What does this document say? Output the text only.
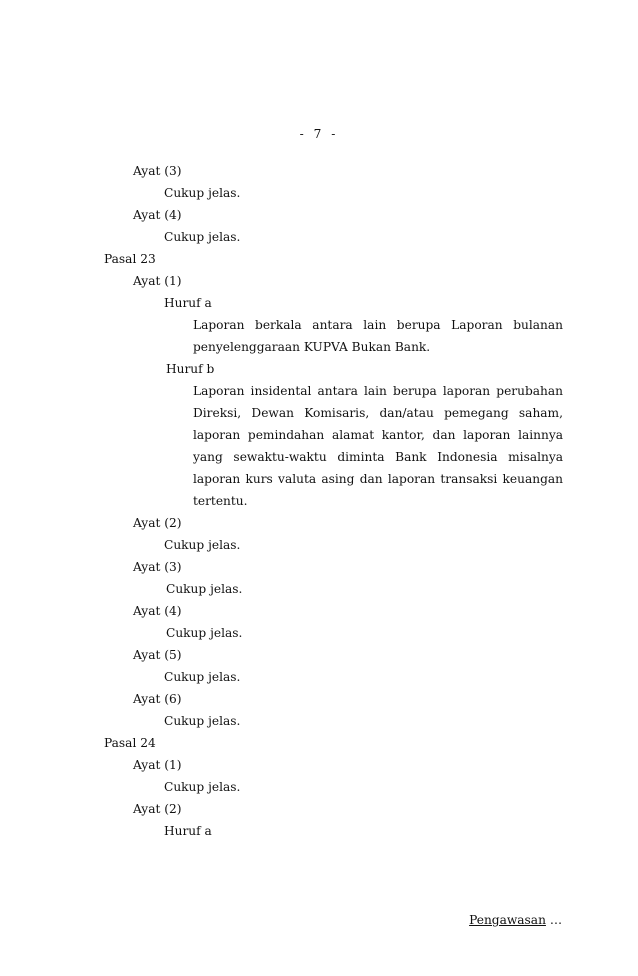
- 7 -
Ayat (3)
Cukup jelas.
Ayat (4)
Cukup jelas.
Pasal 23
Ayat (1)
Huruf a
Laporan berkala antara lain berupa Laporan bulanan
penyelenggaraan KUPVA Bukan Bank.
Huruf b
Laporan insidental antara lain berupa laporan perubahan
Direksi, Dewan Komisaris, dan/atau pemegang saham,
laporan pemindahan alamat kantor, dan laporan lainnya
yang sewaktu-waktu diminta Bank Indonesia misalnya
laporan kurs valuta asing dan laporan transaksi keuangan
tertentu.
Ayat (2)
Cukup jelas.
Ayat (3)
Cukup jelas.
Ayat (4)
Cukup jelas.
Ayat (5)
Cukup jelas.
Ayat (6)
Cukup jelas.
Pasal 24
Ayat (1)
Cukup jelas.
Ayat (2)
Huruf a
Pengawasan …
